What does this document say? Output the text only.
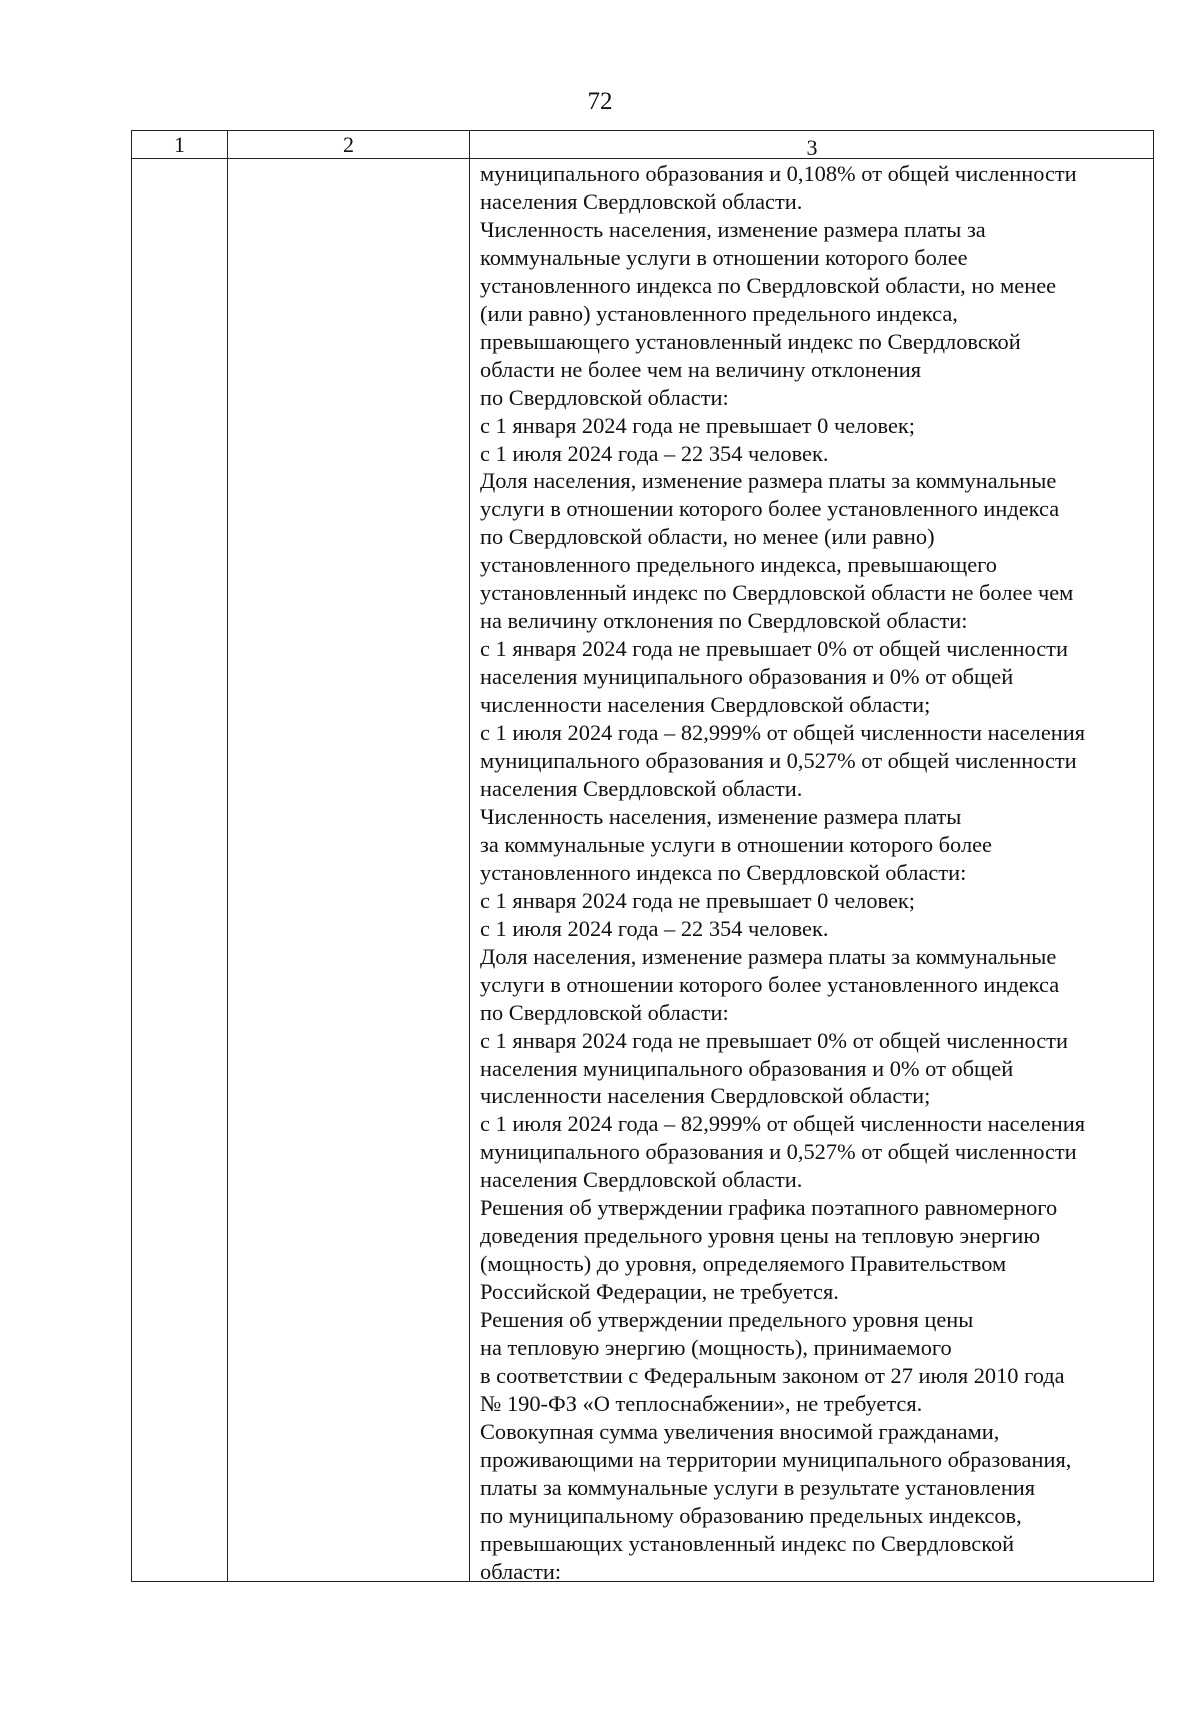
72
1	2	3
муниципального образования и 0,108% от общей численности
населения Свердловской области.
Численность населения, изменение размера платы за
коммунальные услуги в отношении которого более
установленного индекса по Свердловской области, но менее
(или равно) установленного предельного индекса,
превышающего установленный индекс по Свердловской
области не более чем на величину отклонения
по Свердловской области:
с 1 января 2024 года не превышает 0 человек;
с 1 июля 2024 года – 22 354 человек.
Доля населения, изменение размера платы за коммунальные
услуги в отношении которого более установленного индекса
по Свердловской области, но менее (или равно)
установленного предельного индекса, превышающего
установленный индекс по Свердловской области не более чем
на величину отклонения по Свердловской области:
с 1 января 2024 года не превышает 0% от общей численности
населения муниципального образования и 0% от общей
численности населения Свердловской области;
с 1 июля 2024 года – 82,999% от общей численности населения
муниципального образования и 0,527% от общей численности
населения Свердловской области.
Численность населения, изменение размера платы
за коммунальные услуги в отношении которого более
установленного индекса по Свердловской области:
с 1 января 2024 года не превышает 0 человек;
с 1 июля 2024 года – 22 354 человек.
Доля населения, изменение размера платы за коммунальные
услуги в отношении которого более установленного индекса
по Свердловской области:
с 1 января 2024 года не превышает 0% от общей численности
населения муниципального образования и 0% от общей
численности населения Свердловской области;
с 1 июля 2024 года – 82,999% от общей численности населения
муниципального образования и 0,527% от общей численности
населения Свердловской области.
Решения об утверждении графика поэтапного равномерного
доведения предельного уровня цены на тепловую энергию
(мощность) до уровня, определяемого Правительством
Российской Федерации, не требуется.
Решения об утверждении предельного уровня цены
на тепловую энергию (мощность), принимаемого
в соответствии с Федеральным законом от 27 июля 2010 года
№ 190-ФЗ «О теплоснабжении», не требуется.
Совокупная сумма увеличения вносимой гражданами,
проживающими на территории муниципального образования,
платы за коммунальные услуги в результате установления
по муниципальному образованию предельных индексов,
превышающих установленный индекс по Свердловской
области:
